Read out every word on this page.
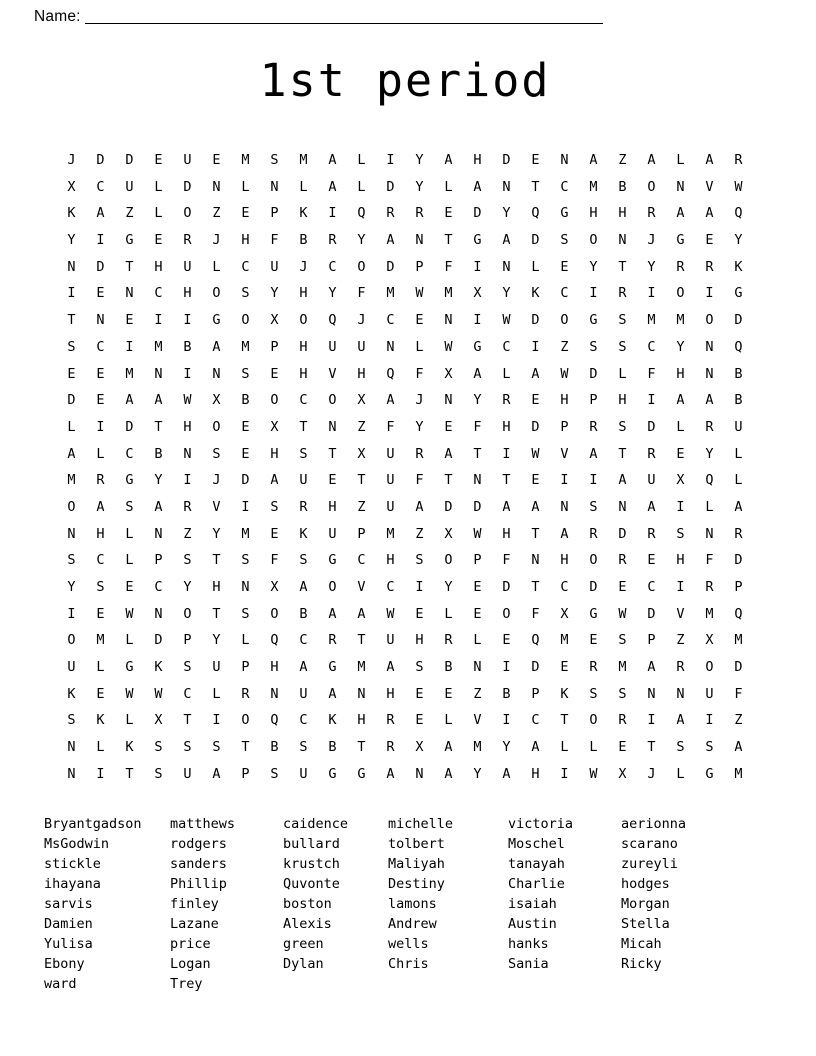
Name: _______________________________________________________________
1st period
J	D	D	E	U	E	M	S	M	A	L	I	Y	A	H	D	E	N	A	Z	A	L	A	R
X	C	U	L	D	N	L	N	L	A	L	D	Y	L	A	N	T	C	M	B	O	N	V	W
K	A	Z	L	O	Z	E	P	K	I	Q	R	R	E	D	Y	Q	G	H	H	R	A	A	Q
Y	I	G	E	R	J	H	F	B	R	Y	A	N	T	G	A	D	S	O	N	J	G	E	Y
N	D	T	H	U	L	C	U	J	C	O	D	P	F	I	N	L	E	Y	T	Y	R	R	K
I	E	N	C	H	O	S	Y	H	Y	F	M	W	M	X	Y	K	C	I	R	I	O	I	G
T	N	E	I	I	G	O	X	O	Q	J	C	E	N	I	W	D	O	G	S	M	M	O	D
S	C	I	M	B	A	M	P	H	U	U	N	L	W	G	C	I	Z	S	S	C	Y	N	Q
E	E	M	N	I	N	S	E	H	V	H	Q	F	X	A	L	A	W	D	L	F	H	N	B
D	E	A	A	W	X	B	O	C	O	X	A	J	N	Y	R	E	H	P	H	I	A	A	B
L	I	D	T	H	O	E	X	T	N	Z	F	Y	E	F	H	D	P	R	S	D	L	R	U
A	L	C	B	N	S	E	H	S	T	X	U	R	A	T	I	W	V	A	T	R	E	Y	L
M	R	G	Y	I	J	D	A	U	E	T	U	F	T	N	T	E	I	I	A	U	X	Q	L
O	A	S	A	R	V	I	S	R	H	Z	U	A	D	D	A	A	N	S	N	A	I	L	A
N	H	L	N	Z	Y	M	E	K	U	P	M	Z	X	W	H	T	A	R	D	R	S	N	R
S	C	L	P	S	T	S	F	S	G	C	H	S	O	P	F	N	H	O	R	E	H	F	D
Y	S	E	C	Y	H	N	X	A	O	V	C	I	Y	E	D	T	C	D	E	C	I	R	P
I	E	W	N	O	T	S	O	B	A	A	W	E	L	E	O	F	X	G	W	D	V	M	Q
O	M	L	D	P	Y	L	Q	C	R	T	U	H	R	L	E	Q	M	E	S	P	Z	X	M
U	L	G	K	S	U	P	H	A	G	M	A	S	B	N	I	D	E	R	M	A	R	O	D
K	E	W	W	C	L	R	N	U	A	N	H	E	E	Z	B	P	K	S	S	N	N	U	F
S	K	L	X	T	I	O	Q	C	K	H	R	E	L	V	I	C	T	O	R	I	A	I	Z
N	L	K	S	S	S	T	B	S	B	T	R	X	A	M	Y	A	L	L	E	T	S	S	A
N	I	T	S	U	A	P	S	U	G	G	A	N	A	Y	A	H	I	W	X	J	L	G	M
Bryantgadson
MsGodwin
stickle
ihayana
sarvis
Damien
Yulisa
Ebony
ward
matthews
rodgers
sanders
Phillip
finley
Lazane
price
Logan
Trey
caidence
bullard
krustch
Quvonte
boston
Alexis
green
Dylan
michelle
tolbert
Maliyah
Destiny
lamons
Andrew
wells
Chris
victoria
Moschel
tanayah
Charlie
isaiah
Austin
hanks
Sania
aerionna
scarano
zureyli
hodges
Morgan
Stella
Micah
Ricky
